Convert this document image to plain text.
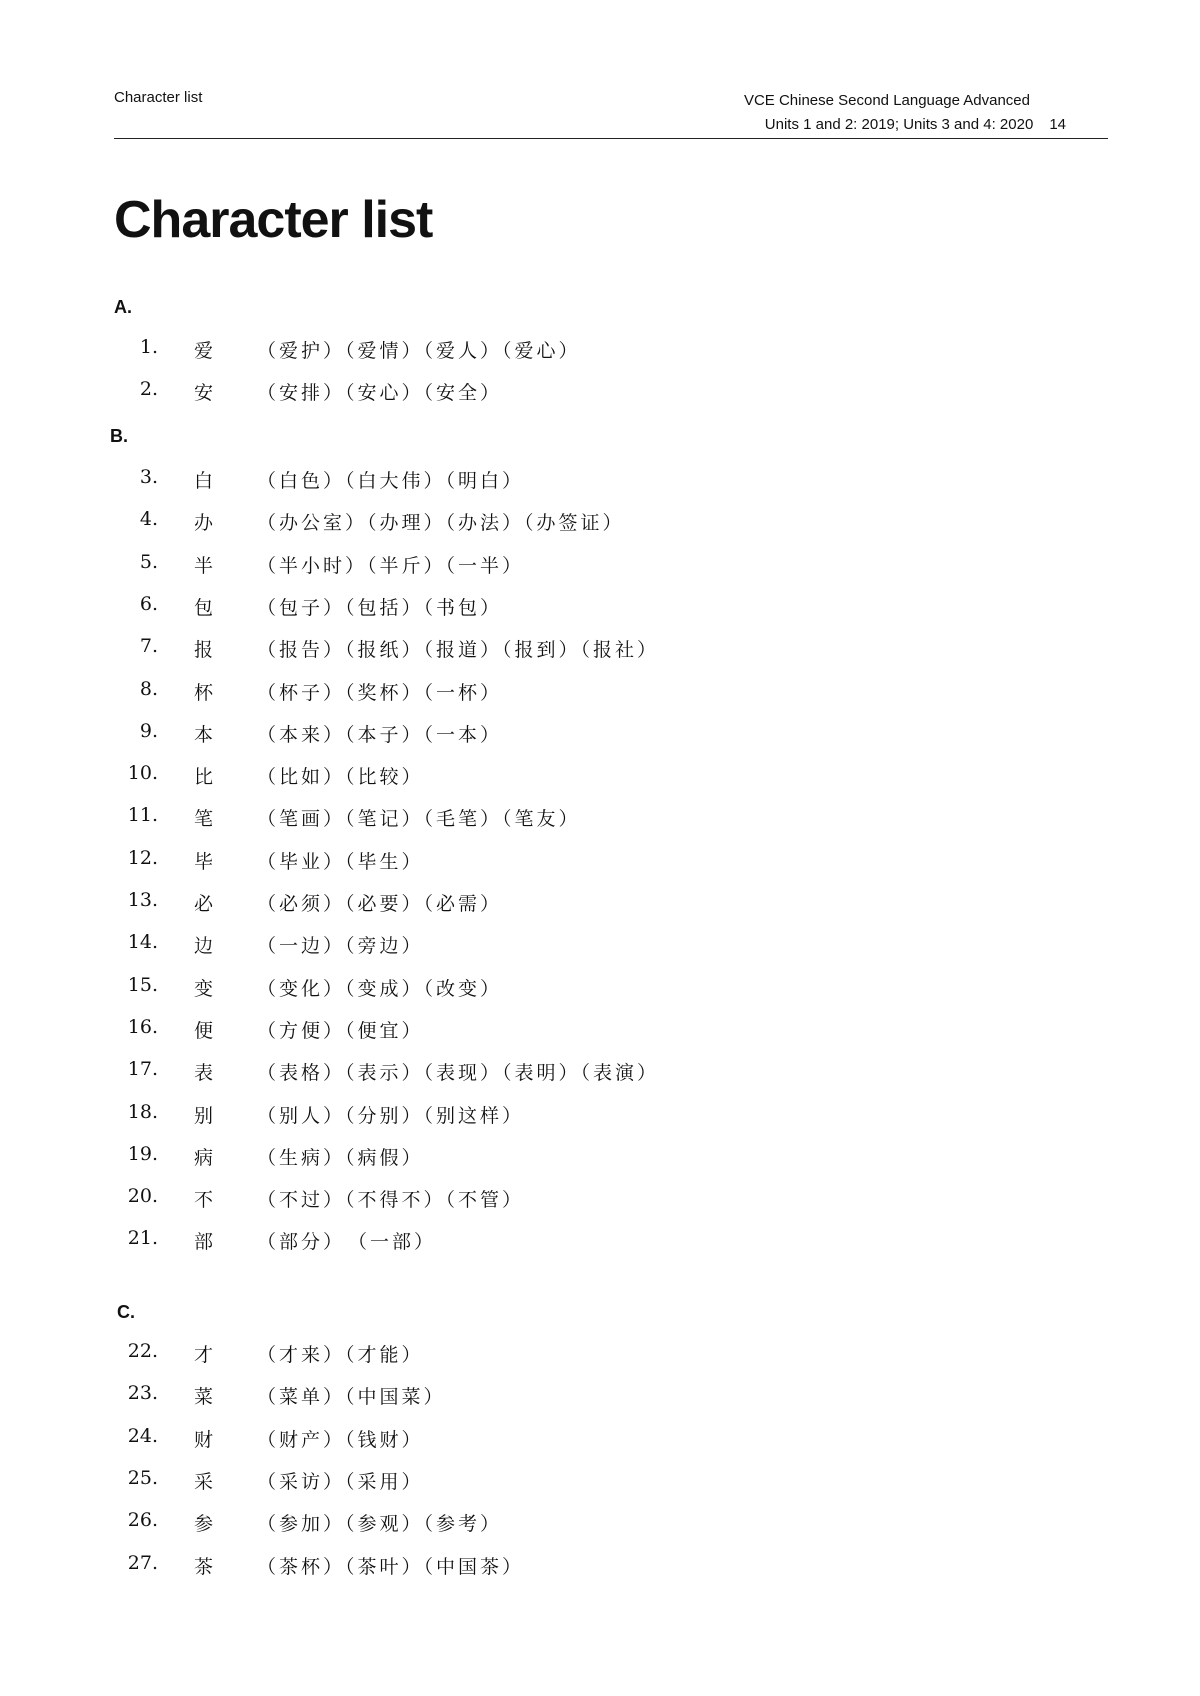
Character list	VCE Chinese Second Language Advanced
Units 1 and 2: 2019; Units 3 and 4: 2020 14
Character list
A.
1. 爱 （爱护）（爱情）（爱人）（爱心）
2. 安 （安排）（安心）（安全）
B.
3. 白 （白色）（白大伟）（明白）
4. 办 （办公室）（办理）（办法）（办签证）
5. 半 （半小时）（半斤）（一半）
6. 包 （包子）（包括）（书包）
7. 报 （报告）（报纸）（报道）（报到）（报社）
8. 杯 （杯子）（奖杯）（一杯）
9. 本 （本来）（本子）（一本）
10. 比 （比如）（比较）
11. 笔 （笔画）（笔记）（毛笔）（笔友）
12. 毕 （毕业）（毕生）
13. 必 （必须）（必要）（必需）
14. 边 （一边）（旁边）
15. 变 （变化）（变成）（改变）
16. 便 （方便）（便宜）
17. 表 （表格）（表示）（表现）（表明）（表演）
18. 别 （别人）（分别）（别这样）
19. 病 （生病）（病假）
20. 不 （不过）（不得不）（不管）
21. 部 （部分）　（一部）
C.
22. 才 （才来）（才能）
23. 菜 （菜单）（中国菜）
24. 财 （财产）（钱财）
25. 采 （采访）（采用）
26. 参 （参加）（参观）（参考）
27. 茶 （茶杯）（茶叶）（中国茶）
